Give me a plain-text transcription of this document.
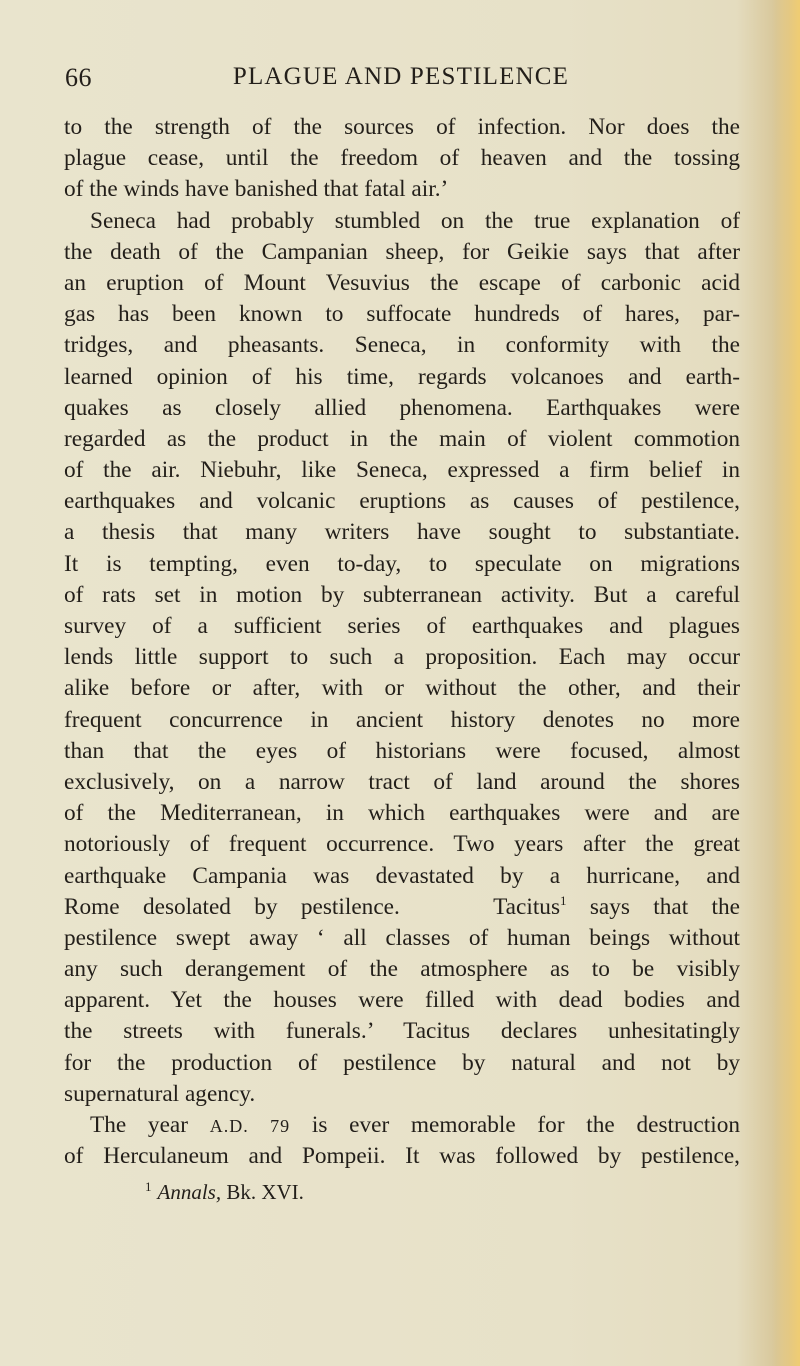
66	PLAGUE AND PESTILENCE
to the strength of the sources of infection. Nor does the
plague cease, until the freedom of heaven and the tossing
of the winds have banished that fatal air.’
Seneca had probably stumbled on the true explanation of
the death of the Campanian sheep, for Geikie says that after
an eruption of Mount Vesuvius the escape of carbonic acid
gas has been known to suffocate hundreds of hares, par-
tridges, and pheasants. Seneca, in conformity with the
learned opinion of his time, regards volcanoes and earth-
quakes as closely allied phenomena. Earthquakes were
regarded as the product in the main of violent commotion
of the air. Niebuhr, like Seneca, expressed a firm belief in
earthquakes and volcanic eruptions as causes of pestilence,
a thesis that many writers have sought to substantiate.
It is tempting, even to-day, to speculate on migrations
of rats set in motion by subterranean activity. But a careful
survey of a sufficient series of earthquakes and plagues
lends little support to such a proposition. Each may occur
alike before or after, with or without the other, and their
frequent concurrence in ancient history denotes no more
than that the eyes of historians were focused, almost
exclusively, on a narrow tract of land around the shores
of the Mediterranean, in which earthquakes were and are
notoriously of frequent occurrence. Two years after the great
earthquake Campania was devastated by a hurricane, and
Rome desolated by pestilence.	Tacitus$^1$ says that the
pestilence swept away ‘ all classes of human beings without
any such derangement of the atmosphere as to be visibly
apparent. Yet the houses were filled with dead bodies and
the streets with funerals.’ Tacitus declares unhesitatingly
for the production of pestilence by natural and not by
supernatural agency.
The year A.D. 79 is ever memorable for the destruction
of Herculaneum and Pompeii. It was followed by pestilence,
$^1$ Annals, Bk. XVI.
